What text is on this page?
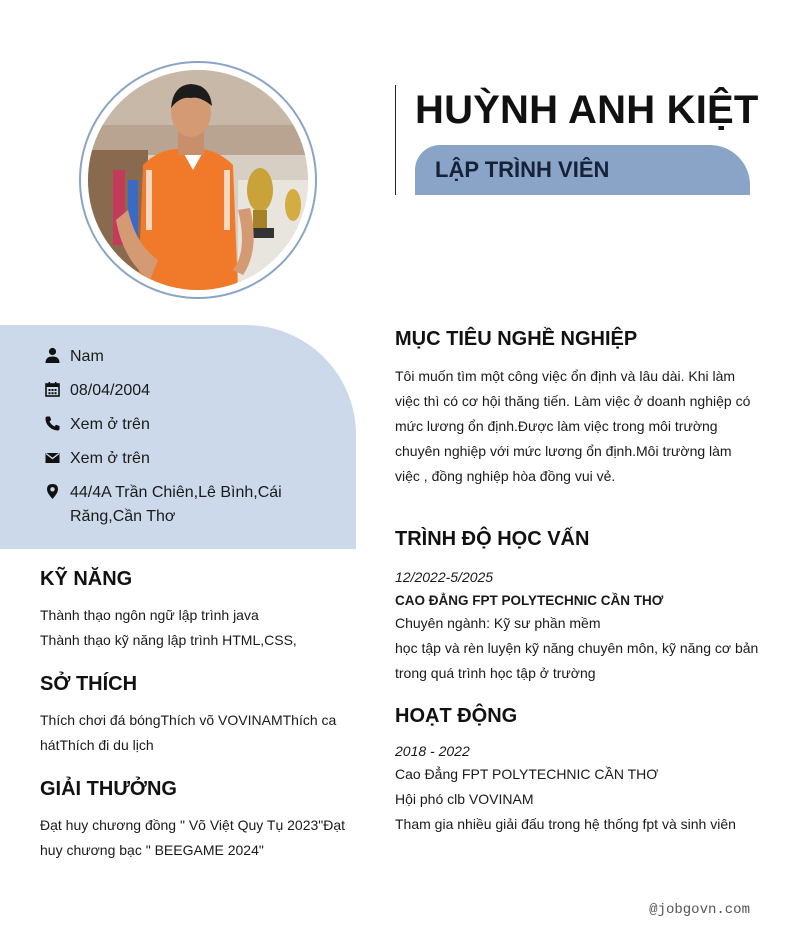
HUỲNH ANH KIỆT
LẬP TRÌNH VIÊN
Nam
08/04/2004
Xem ở trên
Xem ở trên
44/4A Trần Chiên,Lê Bình,Cái Răng,Cần Thơ
KỸ NĂNG
Thành thạo ngôn ngữ lập trình java
Thành thạo kỹ năng lập trình HTML,CSS,
SỞ THÍCH
Thích chơi đá bóngThích võ VOVINAMThích ca
hátThích đi du lịch
GIẢI THƯỞNG
Đạt huy chương đồng " Võ Việt Quy Tụ 2023"Đạt
huy chương bạc " BEEGAME 2024"
MỤC TIÊU NGHỀ NGHIỆP
Tôi muốn tìm một công việc ổn định và lâu dài. Khi làm
việc thì có cơ hội thăng tiến. Làm việc ở doanh nghiệp có
mức lương ổn định.Được làm việc trong môi trường
chuyên nghiệp với mức lương ổn định.Môi trường làm
việc , đồng nghiệp hòa đồng vui vẻ.
TRÌNH ĐỘ HỌC VẤN
12/2022-5/2025
CAO ĐẲNG FPT POLYTECHNIC CẦN THƠ
Chuyên ngành: Kỹ sư phần mềm
học tập và rèn luyện kỹ năng chuyên môn, kỹ năng cơ bản
trong quá trình học tập ở trường
HOẠT ĐỘNG
2018 - 2022
Cao Đẳng FPT POLYTECHNIC CẦN THƠ
Hội phó clb VOVINAM
Tham gia nhiều giải đấu trong hệ thống fpt và sinh viên
@jobgovn.com
